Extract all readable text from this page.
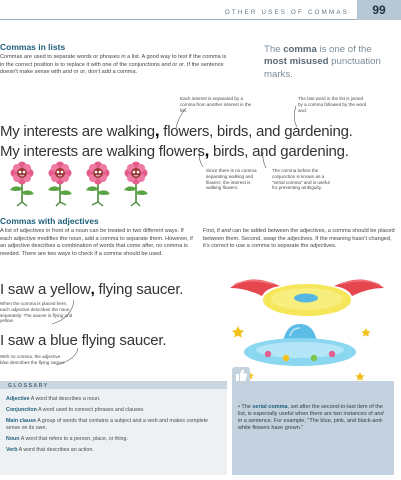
OTHER USES OF COMMAS	99
Commas in lists
Commas are used to separate words or phrases in a list. A good way to test if the comma is in the correct position is to replace it with one of the conjunctions and or or. If the sentence doesn't make sense with and or or, don't add a comma.
The comma is one of the most misused punctuation marks.
Each interest is separated by a comma from another interest in the list.
The last word in the list is joined by a comma followed by the word and.
My interests are walking, flowers, birds, and gardening.
My interests are walking flowers, birds, and gardening.
Since there is no comma separating walking and flowers, the interest is walking flowers.
The comma before the conjunction is known as a "serial comma" and is useful for preventing ambiguity.
Commas with adjectives
A list of adjectives in front of a noun can be treated in two different ways. If each adjective modifies the noun, add a comma to separate them. However, if an adjective describes a combination of words that come after, no comma is needed. There are two ways to check if a comma should be used.
First, if and can be added between the adjectives, a comma should be placed between them. Second, swap the adjectives. If the meaning hasn't changed, it's correct to use a comma to separate the adjectives.
I saw a yellow, flying saucer.
When the comma is placed here, each adjective describes the noun separately: The saucer is flying and yellow.
I saw a blue flying saucer.
With no comma, the adjective blue describes the flying saucer.
GLOSSARY
Adjective A word that describes a noun.
Conjunction A word used to connect phrases and clauses.
Main clause A group of words that contains a subject and a verb and makes complete sense on its own.
Noun A word that refers to a person, place, or thing.
Verb A word that describes an action.
• The serial comma, set after the second-to-last item of the list, is especially useful when there are two instances of and in a sentence. For example, "The blue, pink, and black-and-white flowers have grown."
